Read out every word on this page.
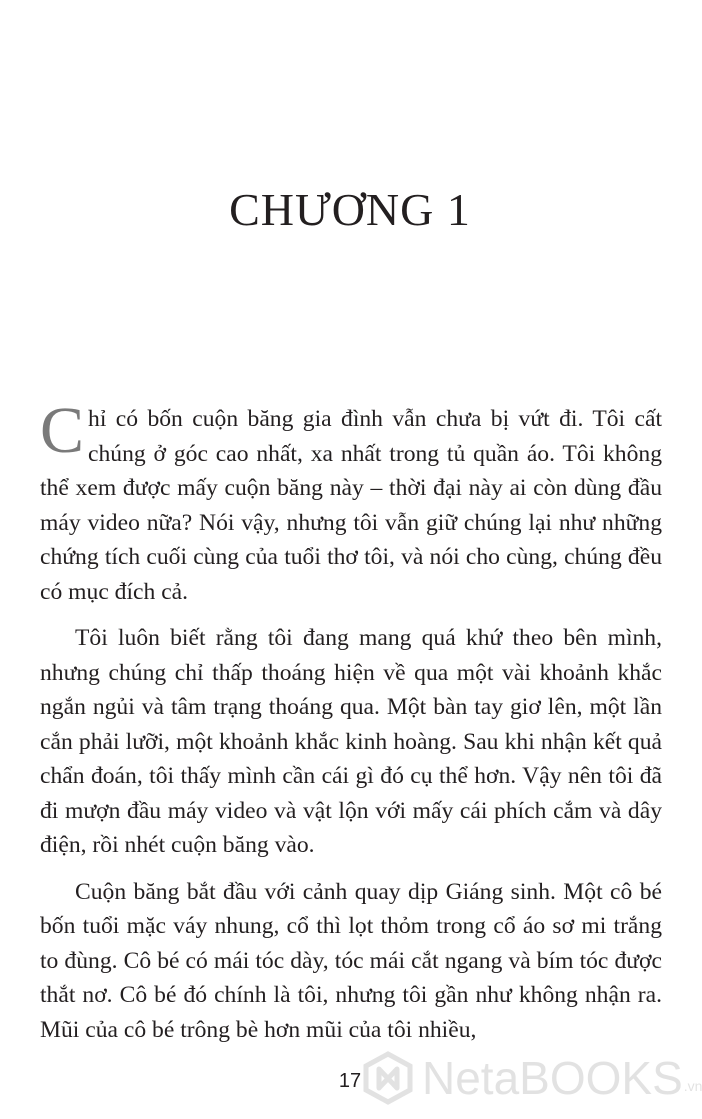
CHƯƠNG 1

Chỉ có bốn cuộn băng gia đình vẫn chưa bị vứt đi. Tôi cất chúng ở góc cao nhất, xa nhất trong tủ quần áo. Tôi không thể xem được mấy cuộn băng này – thời đại này ai còn dùng đầu máy video nữa? Nói vậy, nhưng tôi vẫn giữ chúng lại như những chứng tích cuối cùng của tuổi thơ tôi, và nói cho cùng, chúng đều có mục đích cả.

Tôi luôn biết rằng tôi đang mang quá khứ theo bên mình, nhưng chúng chỉ thấp thoáng hiện về qua một vài khoảnh khắc ngắn ngủi và tâm trạng thoáng qua. Một bàn tay giơ lên, một lần cắn phải lưỡi, một khoảnh khắc kinh hoàng. Sau khi nhận kết quả chẩn đoán, tôi thấy mình cần cái gì đó cụ thể hơn. Vậy nên tôi đã đi mượn đầu máy video và vật lộn với mấy cái phích cắm và dây điện, rồi nhét cuộn băng vào.

Cuộn băng bắt đầu với cảnh quay dịp Giáng sinh. Một cô bé bốn tuổi mặc váy nhung, cổ thì lọt thỏm trong cổ áo sơ mi trắng to đùng. Cô bé có mái tóc dày, tóc mái cắt ngang và bím tóc được thắt nơ. Cô bé đó chính là tôi, nhưng tôi gần như không nhận ra. Mũi của cô bé trông bè hơn mũi của tôi nhiều,

17	NetaBOOKS .vn
